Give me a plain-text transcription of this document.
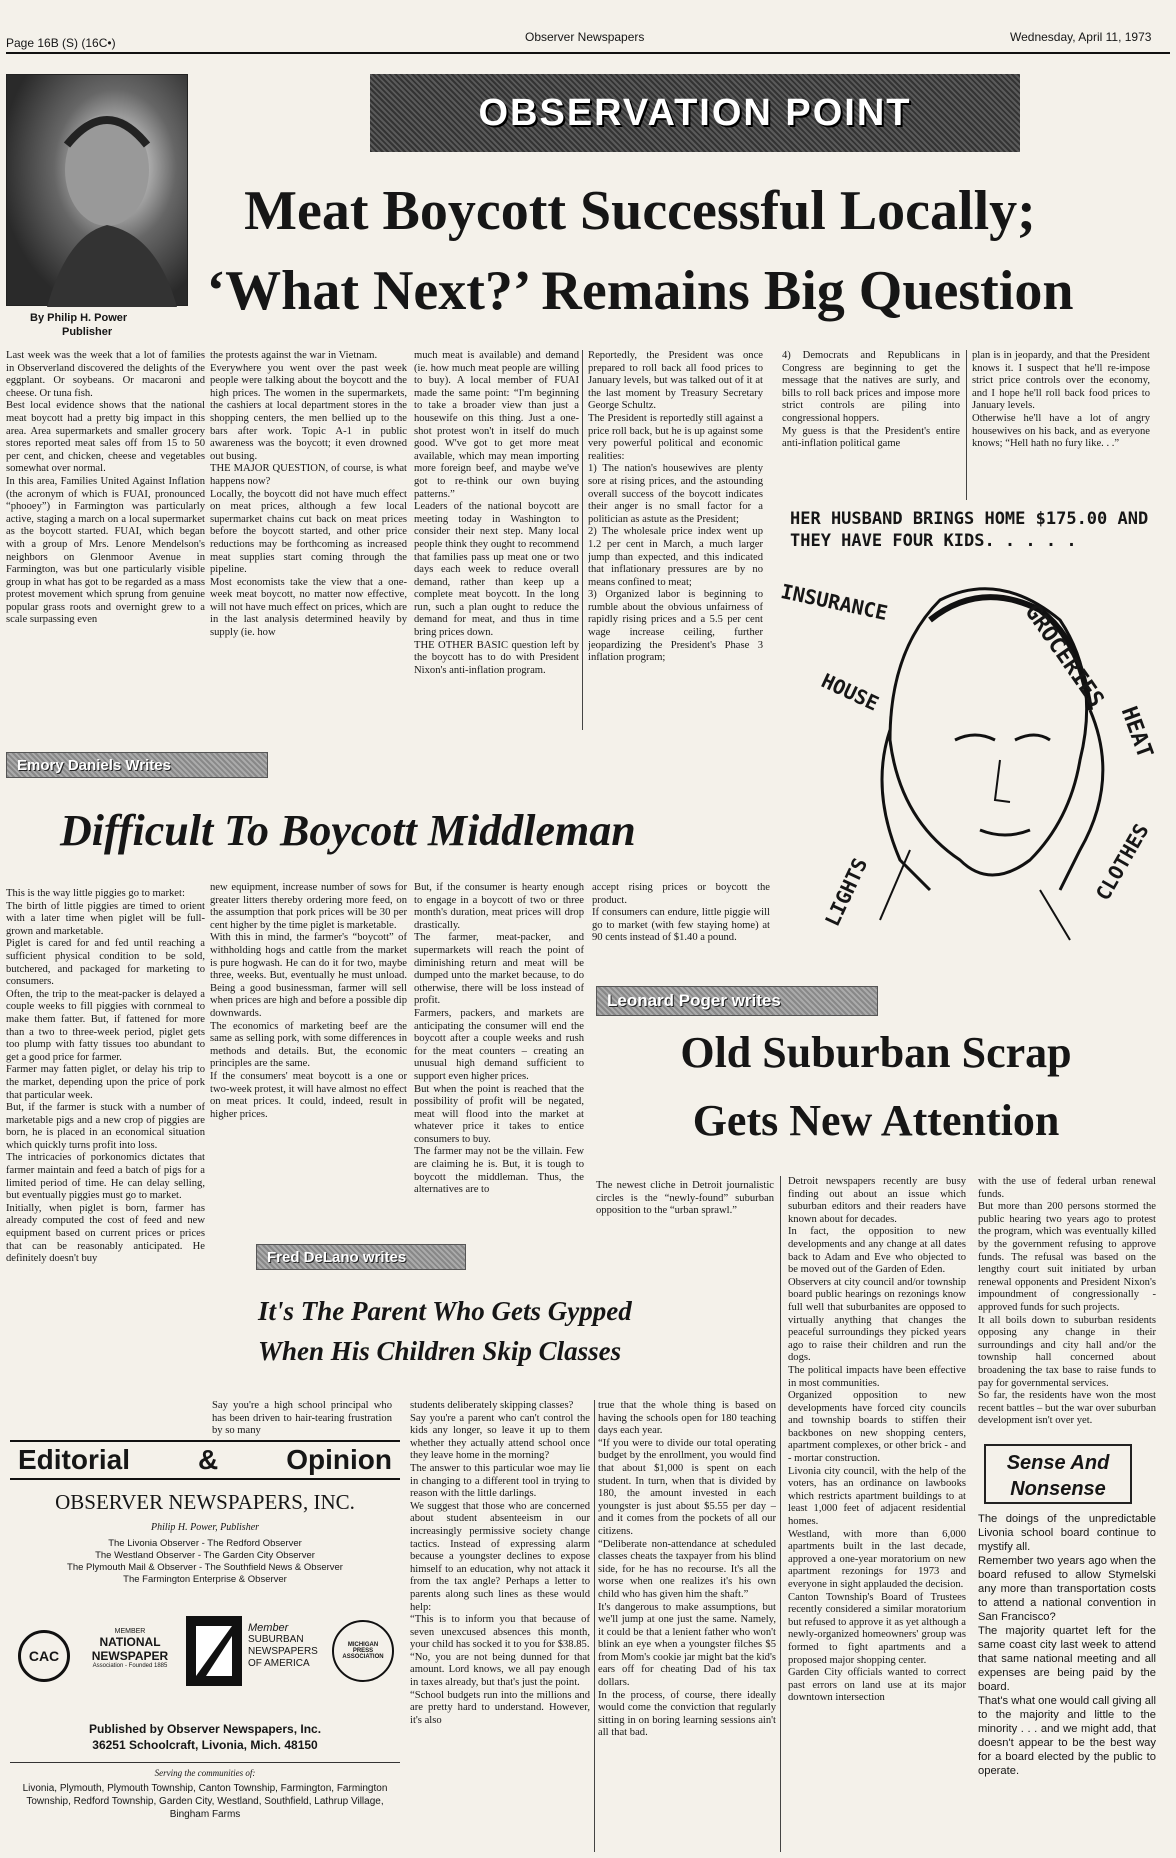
Page 16B (S) (16C•)	Observer Newspapers	Wednesday, April 11, 1973
OBSERVATION POINT
By Philip H. Power
Publisher
Meat Boycott Successful Locally;
‘What Next?’ Remains Big Question
Last week was the week that a lot of families in Observerland discovered the delights of the eggplant. Or soybeans. Or macaroni and cheese. Or tuna fish.
Best local evidence shows that the national meat boycott had a pretty big impact in this area. Area supermarkets and smaller grocery stores reported meat sales off from 15 to 50 per cent, and chicken, cheese and vegetables somewhat over normal.
In this area, Families United Against Inflation (the acronym of which is FUAI, pronounced “phooey”) in Farmington was particularly active, staging a march on a local supermarket as the boycott started. FUAI, which began with a group of Mrs. Lenore Mendelson's neighbors on Glenmoor Avenue in Farmington, was but one particularly visible group in what has got to be regarded as a mass protest movement which sprung from genuine popular grass roots and overnight grew to a scale surpassing even
the protests against the war in Vietnam.
Everywhere you went over the past week people were talking about the boycott and the high prices. The women in the supermarkets, the cashiers at local department stores in the shopping centers, the men bellied up to the bars after work. Topic A-1 in public awareness was the boycott; it even drowned out busing.
THE MAJOR QUESTION, of course, is what happens now?
Locally, the boycott did not have much effect on meat prices, although a few local supermarket chains cut back on meat prices before the boycott started, and other price reductions may be forthcoming as increased meat supplies start coming through the pipeline.
Most economists take the view that a one-week meat boycott, no matter now effective, will not have much effect on prices, which are in the last analysis determined heavily by supply (ie. how
much meat is available) and demand (ie. how much meat people are willing to buy). A local member of FUAI made the same point: “I'm beginning to take a broader view than just a housewife on this thing. Just a one-shot protest won't in itself do much good. W've got to get more meat available, which may mean importing more foreign beef, and maybe we've got to re-think our own buying patterns.”
Leaders of the national boycott are meeting today in Washington to consider their next step. Many local people think they ought to recommend that families pass up meat one or two days each week to reduce overall demand, rather than keep up a complete meat boycott. In the long run, such a plan ought to reduce the demand for meat, and thus in time bring prices down.
THE OTHER BASIC question left by the boycott has to do with President Nixon's anti-inflation program.
Reportedly, the President was once prepared to roll back all food prices to January levels, but was talked out of it at the last moment by Treasury Secretary George Schultz.
The President is reportedly still against a price roll back, but he is up against some very powerful political and economic realities:
1) The nation's housewives are plenty sore at rising prices, and the astounding overall success of the boycott indicates their anger is no small factor for a politician as astute as the President;
2) The wholesale price index went up 1.2 per cent in March, a much larger jump than expected, and this indicated that inflationary pressures are by no means confined to meat;
3) Organized labor is beginning to rumble about the obvious unfairness of rapidly rising prices and a 5.5 per cent wage increase ceiling, further jeopardizing the President's Phase 3 inflation program;
4) Democrats and Republicans in Congress are beginning to get the message that the natives are surly, and bills to roll back prices and impose more strict controls are piling into congressional hoppers.
My guess is that the President's entire anti-inflation political game
plan is in jeopardy, and that the President knows it. I suspect that he'll re-impose strict price controls over the economy, and I hope he'll roll back food prices to January levels.
Otherwise he'll have a lot of angry housewives on his back, and as everyone knows; “Hell hath no fury like. . .”
HER HUSBAND BRINGS HOME $175.00 AND THEY HAVE FOUR KIDS. . . . .
INSURANCE	GROCERIES
HEAT
HOUSE
CLOTHES
LIGHTS
Emory Daniels Writes
Difficult To Boycott Middleman
This is the way little piggies go to market:
The birth of little piggies are timed to orient with a later time when piglet will be full-grown and marketable.
Piglet is cared for and fed until reaching a sufficient physical condition to be sold, butchered, and packaged for marketing to consumers.
Often, the trip to the meat-packer is delayed a couple weeks to fill piggies with cornmeal to make them fatter. But, if fattened for more than a two to three-week period, piglet gets too plump with fatty tissues too abundant to get a good price for farmer.
Farmer may fatten piglet, or delay his trip to the market, depending upon the price of pork that particular week.
But, if the farmer is stuck with a number of marketable pigs and a new crop of piggies are born, he is placed in an economical situation which quickly turns profit into loss.
The intricacies of porkonomics dictates that farmer maintain and feed a batch of pigs for a limited period of time. He can delay selling, but eventually piggies must go to market.
Initially, when piglet is born, farmer has already computed the cost of feed and new equipment based on current prices or prices that can be reasonably anticipated. He definitely doesn't buy
new equipment, increase number of sows for greater litters thereby ordering more feed, on the assumption that pork prices will be 30 per cent higher by the time piglet is marketable.
With this in mind, the farmer's “boycott” of withholding hogs and cattle from the market is pure hogwash. He can do it for two, maybe three, weeks. But, eventually he must unload. Being a good businessman, farmer will sell when prices are high and before a possible dip downwards.
The economics of marketing beef are the same as selling pork, with some differences in methods and details. But, the economic principles are the same.
If the consumers' meat boycott is a one or two-week protest, it will have almost no effect on meat prices. It could, indeed, result in higher prices.
But, if the consumer is hearty enough to engage in a boycott of two or three month's duration, meat prices will drop drastically.
The farmer, meat-packer, and supermarkets will reach the point of diminishing return and meat will be dumped unto the market because, to do otherwise, there will be loss instead of profit.
Farmers, packers, and markets are anticipating the consumer will end the boycott after a couple weeks and rush for the meat counters – creating an unusual high demand sufficient to support even higher prices.
But when the point is reached that the possibility of profit will be negated, meat will flood into the market at whatever price it takes to entice consumers to buy.
The farmer may not be the villain. Few are claiming he is. But, it is tough to boycott the middleman. Thus, the alternatives are to
accept rising prices or boycott the product.
If consumers can endure, little piggie will go to market (with few staying home) at 90 cents instead of $1.40 a pound.
Leonard Poger writes
Old Suburban Scrap
Gets New Attention
The newest cliche in Detroit journalistic circles is the “newly-found” suburban opposition to the “urban sprawl.”
Detroit newspapers recently are busy finding out about an issue which suburban editors and their readers have known about for decades.
In fact, the opposition to new developments and any change at all dates back to Adam and Eve who objected to be moved out of the Garden of Eden.
Observers at city council and/or township board public hearings on rezonings know full well that suburbanites are opposed to virtually anything that changes the peaceful surroundings they picked years ago to raise their children and run the dogs.
The political impacts have been effective in most communities.
Organized opposition to new developments have forced city councils and township boards to stiffen their backbones on new shopping centers, apartment complexes, or other brick - and - mortar construction.
Livonia city council, with the help of the voters, has an ordinance on lawbooks which restricts apartment buildings to at least 1,000 feet of adjacent residential homes.
Westland, with more than 6,000 apartments built in the last decade, approved a one-year moratorium on new apartment rezonings for 1973 and everyone in sight applauded the decision.
Canton Township's Board of Trustees recently considered a similar moratorium but refused to approve it as yet although a newly-organized homeowners' group was formed to fight apartments and a proposed major shopping center.
Garden City officials wanted to correct past errors on land use at its major downtown intersection
with the use of federal urban renewal funds.
But more than 200 persons stormed the public hearing two years ago to protest the program, which was eventually killed by the government refusing to approve funds. The refusal was based on the lengthy court suit initiated by urban renewal opponents and President Nixon's impoundment of congressionally - approved funds for such projects.
It all boils down to suburban residents opposing any change in their surroundings and city hall and/or the township hall concerned about broadening the tax base to raise funds to pay for governmental services.
So far, the residents have won the most recent battles – but the war over suburban development isn't over yet.
Fred DeLano writes
It's The Parent Who Gets Gypped
When His Children Skip Classes
Say you're a high school principal who has been driven to hair-tearing frustration by so many
students deliberately skipping classes?
Say you're a parent who can't control the kids any longer, so leave it up to them whether they actually attend school once they leave home in the morning?
The answer to this particular woe may lie in changing to a different tool in trying to reason with the little darlings.
We suggest that those who are concerned about student absenteeism in our increasingly permissive society change tactics. Instead of expressing alarm because a youngster declines to expose himself to an education, why not attack it from the tax angle? Perhaps a letter to parents along such lines as these would help:
“This is to inform you that because of seven unexcused absences this month, your child has socked it to you for $38.85.
“No, you are not being dunned for that amount. Lord knows, we all pay enough in taxes already, but that's just the point.
“School budgets run into the millions and are pretty hard to understand. However, it's also
true that the whole thing is based on having the schools open for 180 teaching days each year.
“If you were to divide our total operating budget by the enrollment, you would find that about $1,000 is spent on each student. In turn, when that is divided by 180, the amount invested in each youngster is just about $5.55 per day – and it comes from the pockets of all our citizens.
“Deliberate non-attendance at scheduled classes cheats the taxpayer from his blind side, for he has no recourse. It's all the worse when one realizes it's his own child who has given him the shaft.”
It's dangerous to make assumptions, but we'll jump at one just the same. Namely, it could be that a lenient father who won't blink an eye when a youngster filches $5 from Mom's cookie jar might bat the kid's ears off for cheating Dad of his tax dollars.
In the process, of course, there ideally would come the conviction that regularly sitting in on boring learning sessions ain't all that bad.
Editorial & Opinion
OBSERVER NEWSPAPERS, INC.
Philip H. Power, Publisher
The Livonia Observer - The Redford Observer
The Westland Observer - The Garden City Observer
The Plymouth Mail & Observer - The Southfield News & Observer
The Farmington Enterprise & Observer
CAC
MEMBER
NATIONAL
NEWSPAPER
Association - Founded 1885
Member
SUBURBAN
NEWSPAPERS
OF AMERICA
MICHIGAN PRESS ASSOCIATION
Published by Observer Newspapers, Inc.
36251 Schoolcraft, Livonia, Mich. 48150
Serving the communities of:
Livonia, Plymouth, Plymouth Township, Canton Township, Farmington, Farmington Township, Redford Township, Garden City, Westland, Southfield, Lathrup Village, Bingham Farms
Sense And
Nonsense
The doings of the unpredictable Livonia school board continue to mystify all.
Remember two years ago when the board refused to allow Stymelski any more than transportation costs to attend a national convention in San Francisco?
The majority quartet left for the same coast city last week to attend that same national meeting and all expenses are being paid by the board.
That's what one would call giving all to the majority and little to the minority . . . and we might add, that doesn't appear to be the best way for a board elected by the public to operate.
